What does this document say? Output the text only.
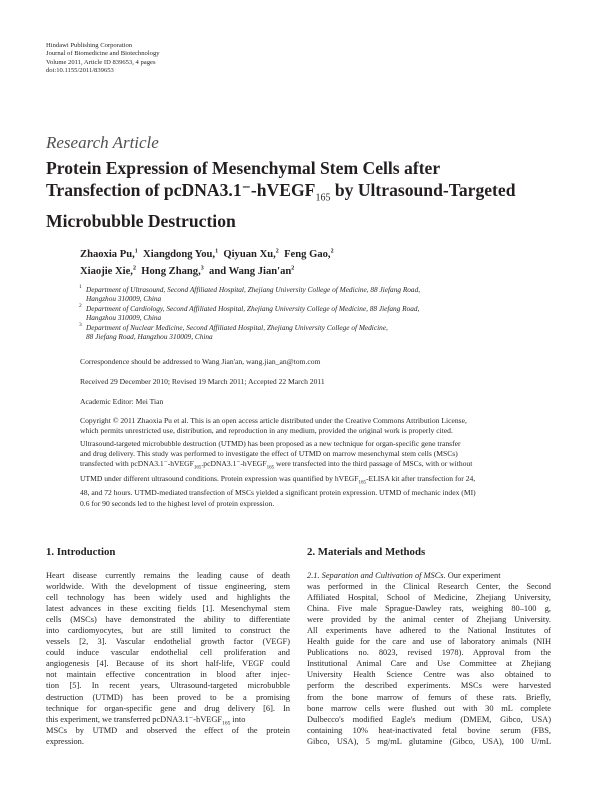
Hindawi Publishing Corporation
Journal of Biomedicine and Biotechnology
Volume 2011, Article ID 839653, 4 pages
doi:10.1155/2011/839653
Research Article
Protein Expression of Mesenchymal Stem Cells after
Transfection of pcDNA3.1⁻-hVEGF$_{165}$ by Ultrasound-Targeted
Microbubble Destruction
Zhaoxia Pu,$^1$ Xiangdong You,$^1$ Qiyuan Xu,$^2$ Feng Gao,$^2$
Xiaojie Xie,$^2$ Hong Zhang,$^3$ and Wang $Jian'an^2$

1 Department of Ultrasound, Second Affiliated Hospital, Zhejiang University College of Medicine, 88 Jiefang Road,
Hangzhou 310009, China

2 Department of Cardiology, Second Affiliated Hospital, Zhejiang University College of Medicine, 88 Jiefang Road,
Hangzhou 310009, China

3 Department of Nuclear Medicine, Second Affiliated Hospital, Zhejiang University College of Medicine,
88 Jiefang Road, Hangzhou 310009, China

Correspondence should be addressed to Wang Jian'an, wang.jian_an@tom.com
Received 29 December 2010; Revised 19 March 2011; Accepted 22 March 2011
Academic Editor: Mei Tian
Copyright © 2011 Zhaoxia Pu et al. This is an open access article distributed under the Creative Commons Attribution License,
which permits unrestricted use, distribution, and reproduction in any medium, provided the original work is properly cited.
Ultrasound-targeted microbubble destruction (UTMD) has been proposed as a new technique for organ-specific gene transfer
and drug delivery. This study was performed to investigate the effect of UTMD on marrow mesenchymal stem cells (MSCs)
transfected with pcDNA3.1⁻-hVEGF$_{165}$.pcDNA3.1⁻-hVEGF$_{165}$ were transfected into the third passage of MSCs, with or without
UTMD under different ultrasound conditions. Protein expression was quantified by hVEGF$_{165}$-ELISA kit after transfection for 24,
48, and 72 hours. UTMD-mediated transfection of MSCs yielded a significant protein expression. UTMD of mechanic index (MI)
0.6 for 90 seconds led to the highest level of protein expression.
1. Introduction	2. Materials and Methods
Heart disease currently remains the leading cause of death
worldwide. With the development of tissue engineering, stem
cell technology has been widely used and highlights the
latest advances in these exciting fields [1]. Mesenchymal stem
cells (MSCs) have demonstrated the ability to differentiate
into cardiomyocytes, but are still limited to construct the
vessels [2, 3]. Vascular endothelial growth factor (VEGF)
could induce vascular endothelial cell proliferation and
angiogenesis [4]. Because of its short half-life, VEGF could
not maintain effective concentration in blood after injec-
tion [5]. In recent years, Ultrasound-targeted microbubble
destruction (UTMD) has been proved to be a promising
technique for organ-specific gene and drug delivery [6]. In
this experiment, we transferred pcDNA3.1⁻-hVEGF$_{165}$ into
MSCs by UTMD and observed the effect of the protein
expression.
2.1. Separation and Cultivation of MSCs. Our experiment
was performed in the Clinical Research Center, the Second
Affiliated Hospital, School of Medicine, Zhejiang University,
China. Five male Sprague-Dawley rats, weighing 80–100 g,
were provided by the animal center of Zhejiang University.
All experiments have adhered to the National Institutes of
Health guide for the care and use of laboratory animals (NIH
Publications no. 8023, revised 1978). Approval from the
Institutional Animal Care and Use Committee at Zhejiang
University Health Science Centre was also obtained to
perform the described experiments. MSCs were harvested
from the bone marrow of femurs of these rats. Briefly,
bone marrow cells were flushed out with 30 mL complete
Dulbecco's modified Eagle's medium (DMEM, Gibco, USA)
containing 10% heat-inactivated fetal bovine serum (FBS,
Gibco, USA), 5 mg/mL glutamine (Gibco, USA), 100 U/mL
